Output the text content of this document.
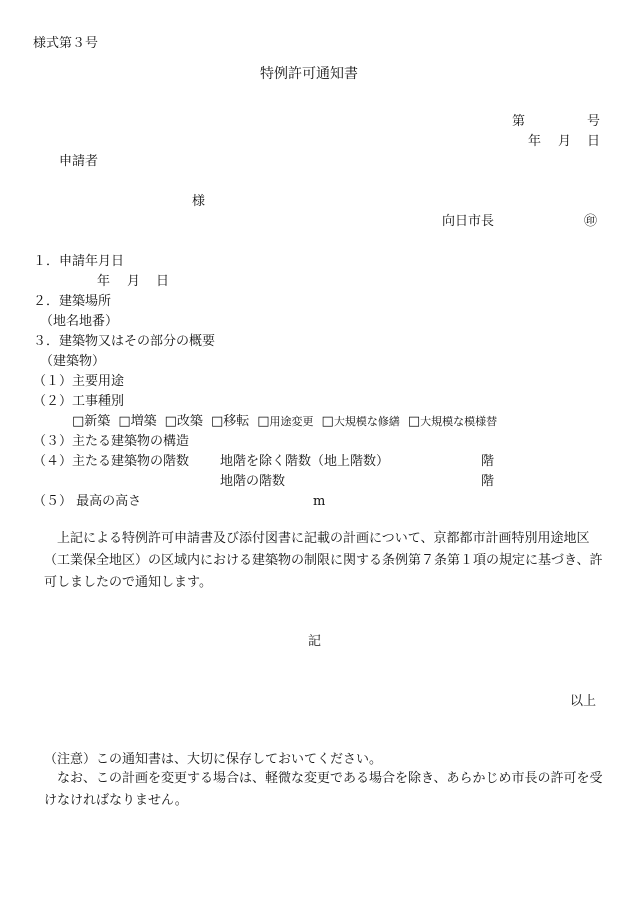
様式第３号
特例許可通知書
第	号
年 月 日
申請者
様
向日市長	㊞
１．申請年月日
年 月 日
２．建築場所
（地名地番）
３．建築物又はその部分の概要
（建築物）
（１）主要用途
（２）工事種別
□新築 □増築 □改築 □移転 □用途変更 □大規模な修繕 □大規模な模様替
（３）主たる建築物の構造
（４）主たる建築物の階数 地階を除く階数（地上階数）	階
地階の階数	階
（５） 最高の高さ	m
上記による特例許可申請書及び添付図書に記載の計画について、京都都市計画特別用途地区（工業保全地区）の区域内における建築物の制限に関する条例第７条第１項の規定に基づき、許可しましたので通知します。
記
以上
（注意）この通知書は、大切に保存しておいてください。
なお、この計画を変更する場合は、軽微な変更である場合を除き、あらかじめ市長の許可を受けなければなりません。
